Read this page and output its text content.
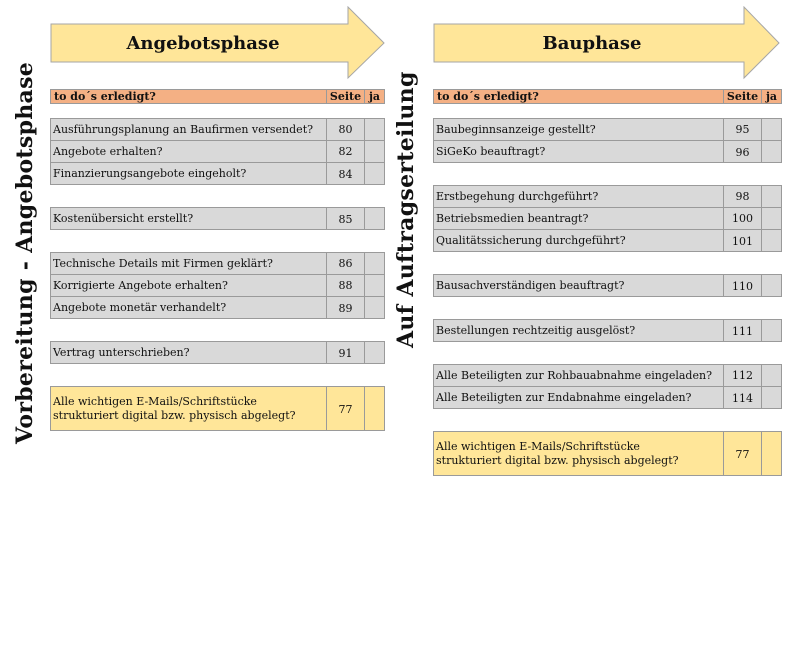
Vorbereitung - Angebotsphase	Auf Auftragserteilung
Angebotsphase	Bauphase
to do´s erledigt?	Seite ja
Ausführungsplanung an Baufirmen versendet?	80
Angebote erhalten?	82
Finanzierungsangebote eingeholt?	84
Kostenübersicht erstellt?	85
Technische Details mit Firmen geklärt?	86
Korrigierte Angebote erhalten?	88
Angebote monetär verhandelt?	89
Vertrag unterschrieben?	91
Alle wichtigen E-Mails/Schriftstücke
strukturiert digital bzw. physisch abgelegt?	77
to do´s erledigt?	Seite ja
Baubeginnsanzeige gestellt?	95
SiGeKo beauftragt?	96
Erstbegehung durchgeführt?	98
Betriebsmedien beantragt?	100
Qualitätssicherung durchgeführt?	101
Bausachverständigen beauftragt?	110
Bestellungen rechtzeitig ausgelöst?	111
Alle Beteiligten zur Rohbauabnahme eingeladen?	112
Alle Beteiligten zur Endabnahme eingeladen?	114
Alle wichtigen E-Mails/Schriftstücke
strukturiert digital bzw. physisch abgelegt?	77
